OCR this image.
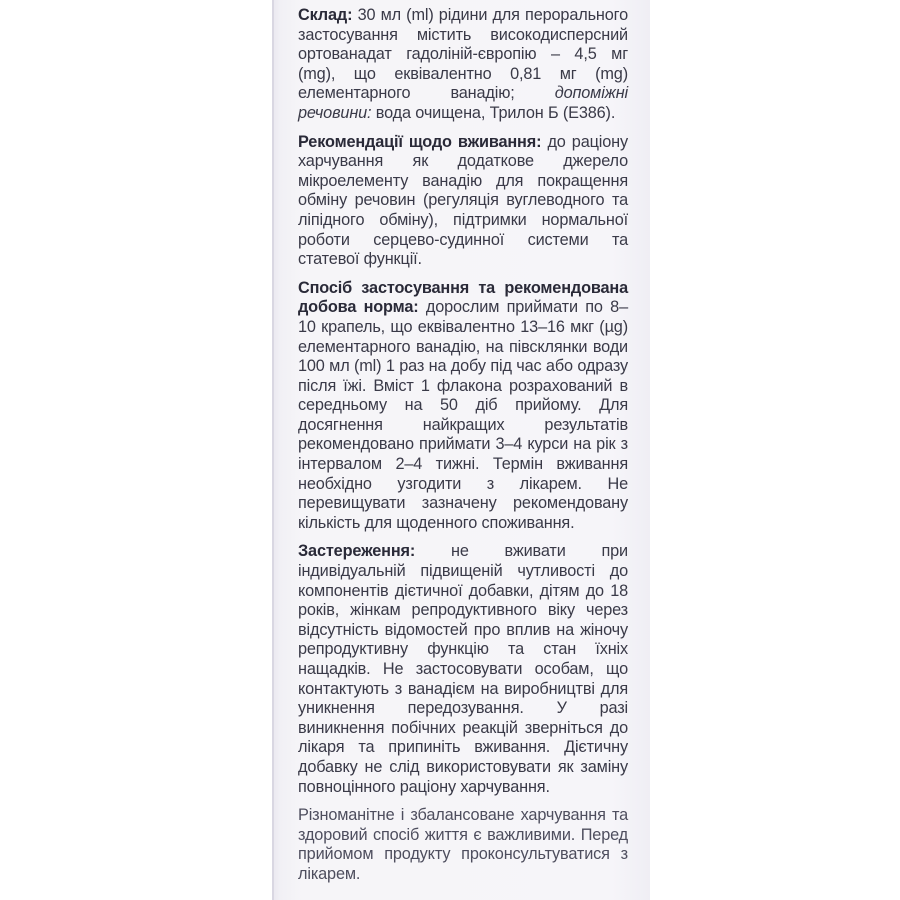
Склад: 30 мл (ml) рідини для перорального застосування містить високодисперсний ортованадат гадоліній-європію – 4,5 мг (mg), що еквівалентно 0,81 мг (mg) елементарного ванадію; допоміжні речовини: вода очищена, Трилон Б (Е386).

Рекомендації щодо вживання: до раціону харчування як додаткове джерело мікроелементу ванадію для покращення обміну речовин (регуляція вуглеводного та ліпідного обміну), підтримки нормальної роботи серцево-судинної системи та статевої функції.

Спосіб застосування та рекомендована добова норма: дорослим приймати по 8–10 крапель, що еквівалентно 13–16 мкг (µg) елементарного ванадію, на півсклянки води 100 мл (ml) 1 раз на добу під час або одразу після їжі. Вміст 1 флакона розрахований в середньому на 50 діб прийому. Для досягнення найкращих результатів рекомендовано приймати 3–4 курси на рік з інтервалом 2–4 тижні. Термін вживання необхідно узгодити з лікарем. Не перевищувати зазначену рекомендовану кількість для щоденного споживання.

Застереження: не вживати при індивідуальній підвищеній чутливості до компонентів дієтичної добавки, дітям до 18 років, жінкам репродуктивного віку через відсутність відомостей про вплив на жіночу репродуктивну функцію та стан їхніх нащадків. Не застосовувати особам, що контактують з ванадієм на виробництві для уникнення передозування. У разі виникнення побічних реакцій зверніться до лікаря та припиніть вживання. Дієтичну добавку не слід використовувати як заміну повноцінного раціону харчування.

Різноманітне і збалансоване харчування та здоровий спосіб життя є важливими. Перед прийомом продукту проконсультуватися з лікарем.
